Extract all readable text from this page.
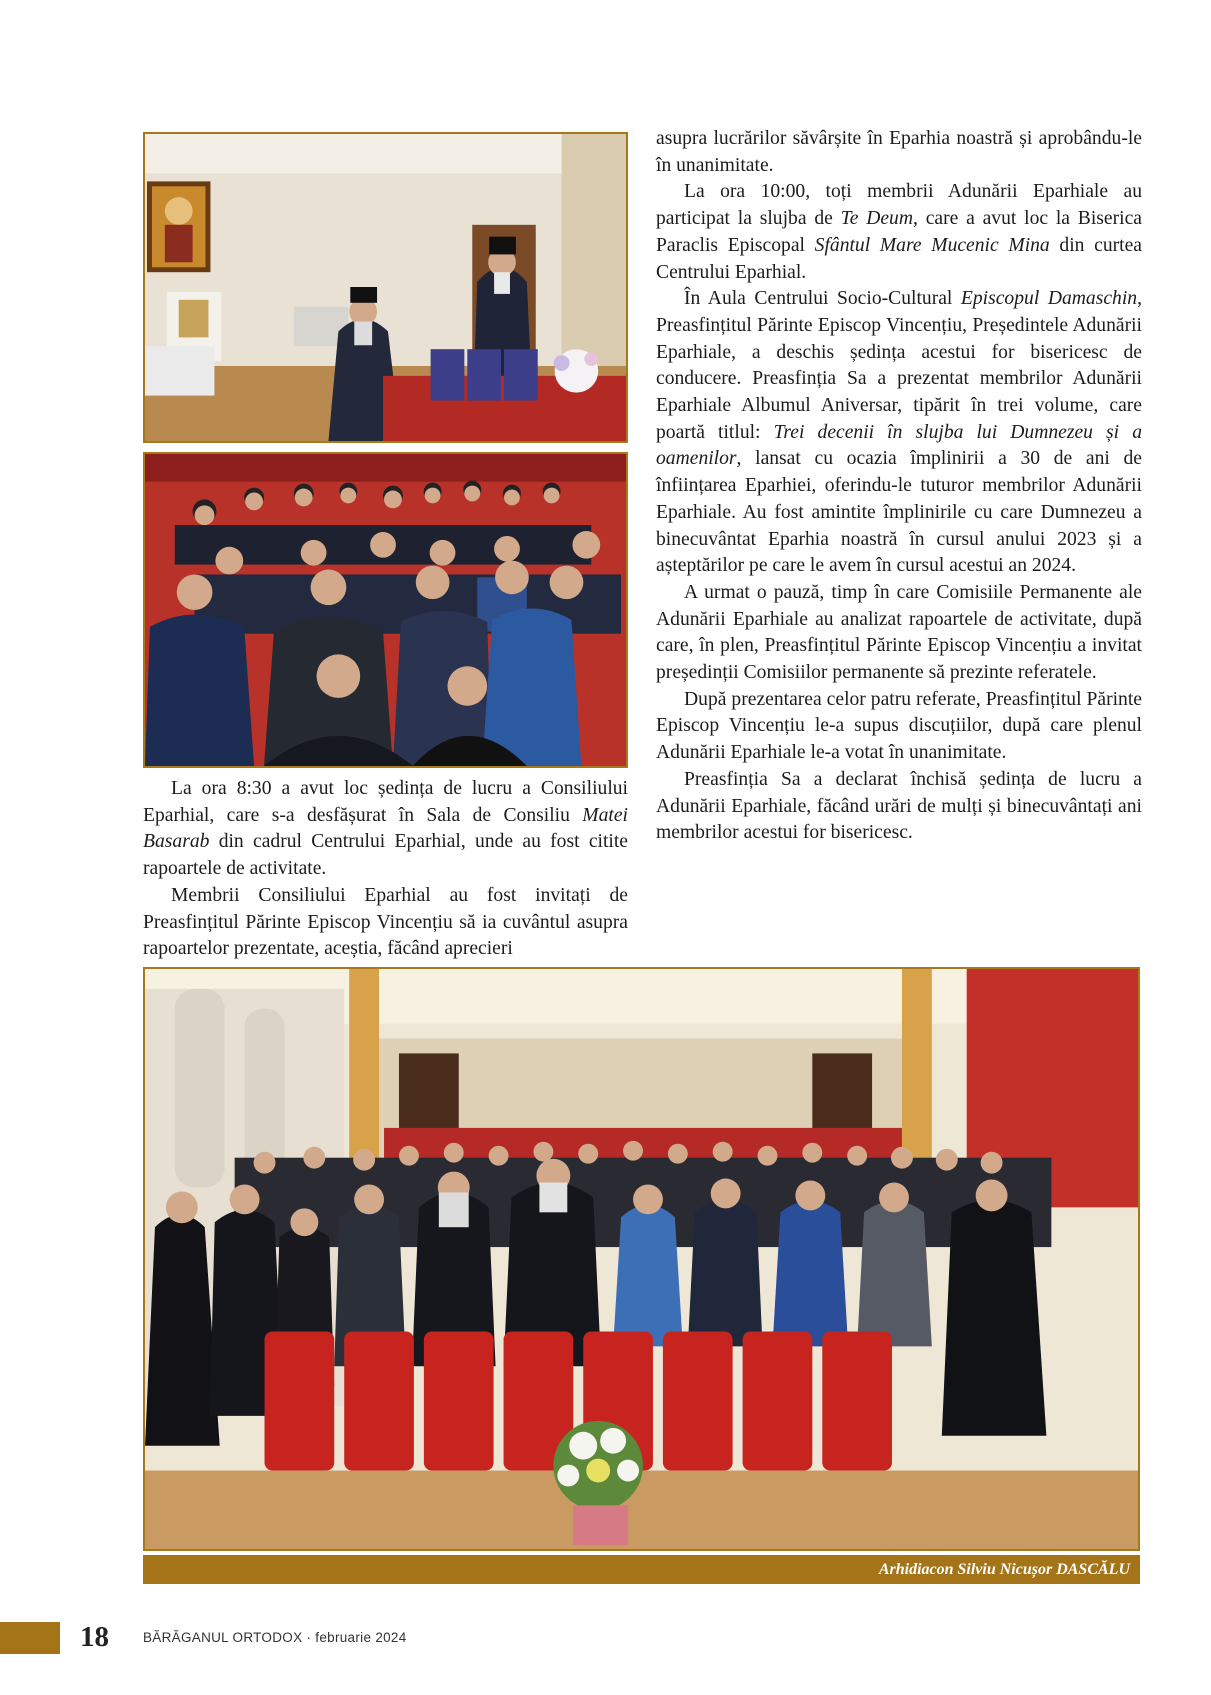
La ora 8:30 a avut loc ședința de lucru a Consiliului Eparhial, care s-a desfășurat în Sala de Consiliu Matei Basarab din cadrul Centrului Eparhial, unde au fost citite rapoartele de activitate.

Membrii Consiliului Eparhial au fost invitați de Preasfințitul Părinte Episcop Vincențiu să ia cuvântul asupra rapoartelor prezentate, aceștia, făcând aprecieri

asupra lucrărilor săvârșite în Eparhia noastră și aprobându-le în unanimitate.

La ora 10:00, toți membrii Adunării Eparhiale au participat la slujba de Te Deum, care a avut loc la Biserica Paraclis Episcopal Sfântul Mare Mucenic Mina din curtea Centrului Eparhial.

În Aula Centrului Socio-Cultural Episcopul Damaschin, Preasfințitul Părinte Episcop Vincențiu, Președintele Adunării Eparhiale, a deschis ședința acestui for bisericesc de conducere. Preasfinția Sa a prezentat membrilor Adunării Eparhiale Albumul Aniversar, tipărit în trei volume, care poartă titlul: Trei decenii în slujba lui Dumnezeu și a oamenilor, lansat cu ocazia împlinirii a 30 de ani de înființarea Eparhiei, oferindu-le tuturor membrilor Adunării Eparhiale. Au fost amintite împlinirile cu care Dumnezeu a binecuvântat Eparhia noastră în cursul anului 2023 și a așteptărilor pe care le avem în cursul acestui an 2024.

A urmat o pauză, timp în care Comisiile Permanente ale Adunării Eparhiale au analizat rapoartele de activitate, după care, în plen, Preasfințitul Părinte Episcop Vincențiu a invitat președinții Comisiilor permanente să prezinte referatele.

După prezentarea celor patru referate, Preasfințitul Părinte Episcop Vincențiu le-a supus discuțiilor, după care plenul Adunării Eparhiale le-a votat în unanimitate.

Preasfinția Sa a declarat închisă ședința de lucru a Adunării Eparhiale, făcând urări de mulți și binecuvântați ani membrilor acestui for bisericesc.

Arhidiacon Silviu Nicușor DASCĂLU
18	BĂRĂGANUL ORTODOX · februarie 2024
